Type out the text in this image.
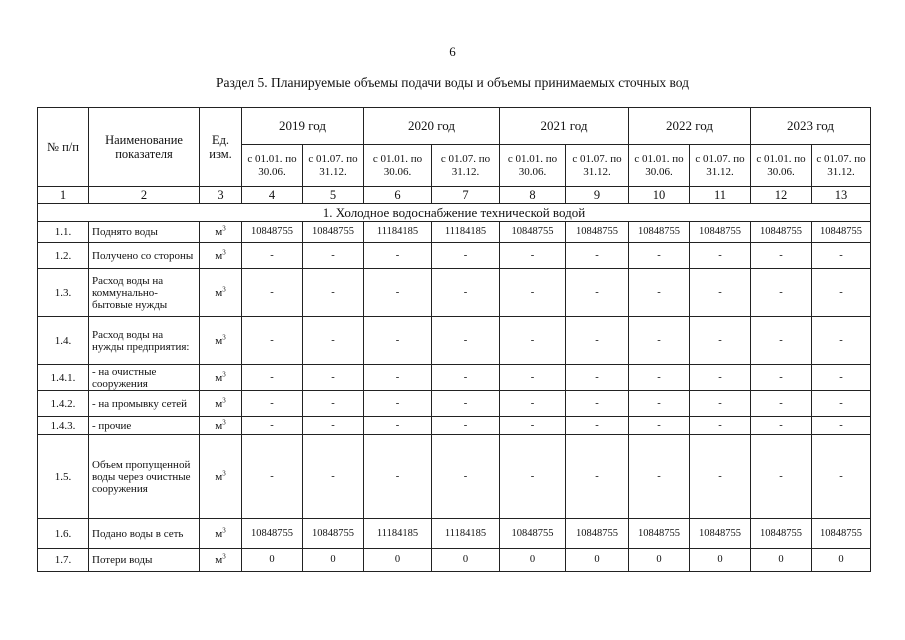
6
Раздел 5. Планируемые объемы подачи воды и объемы принимаемых сточных вод
№ п/п	Наименование показателя	Ед. изм.	2019 год		2020 год		2021 год		2022 год		2023 год	
			с 01.01. по 30.06.	с 01.07. по 31.12.	с 01.01. по 30.06.	с 01.07. по 31.12.	с 01.01. по 30.06.	с 01.07. по 31.12.	с 01.01. по 30.06.	с 01.07. по 31.12.	с 01.01. по 30.06.	с 01.07. по 31.12.
1	2	3	4	5	6	7	8	9	10	11	12	13
1. Холодное водоснабжение технической водой												
1.1.	Поднято воды	$м^3$	10848755	10848755	11184185	11184185	10848755	10848755	10848755	10848755	10848755	10848755
1.2.	Получено со стороны	$м^3$	-	-	-	-	-	-	-	-	-	-
1.3.	Расход воды на коммунально-бытовые нужды	$м^3$	-	-	-	-	-	-	-	-	-	-
1.4.	Расход воды на нужды предприятия:	$м^3$	-	-	-	-	-	-	-	-	-	-
1.4.1.	- на очистные сооружения	$м^3$	-	-	-	-	-	-	-	-	-	-
1.4.2.	- на промывку сетей	$м^3$	-	-	-	-	-	-	-	-	-	-
1.4.3.	- прочие	$м^3$	-	-	-	-	-	-	-	-	-	-
1.5.	Объем пропущенной воды через очистные сооружения	$м^3$	-	-	-	-	-	-	-	-	-	-
1.6.	Подано воды в сеть	$м^3$	10848755	10848755	11184185	11184185	10848755	10848755	10848755	10848755	10848755	10848755
1.7.	Потери воды	$м^3$	0	0	0	0	0	0	0	0	0	0
